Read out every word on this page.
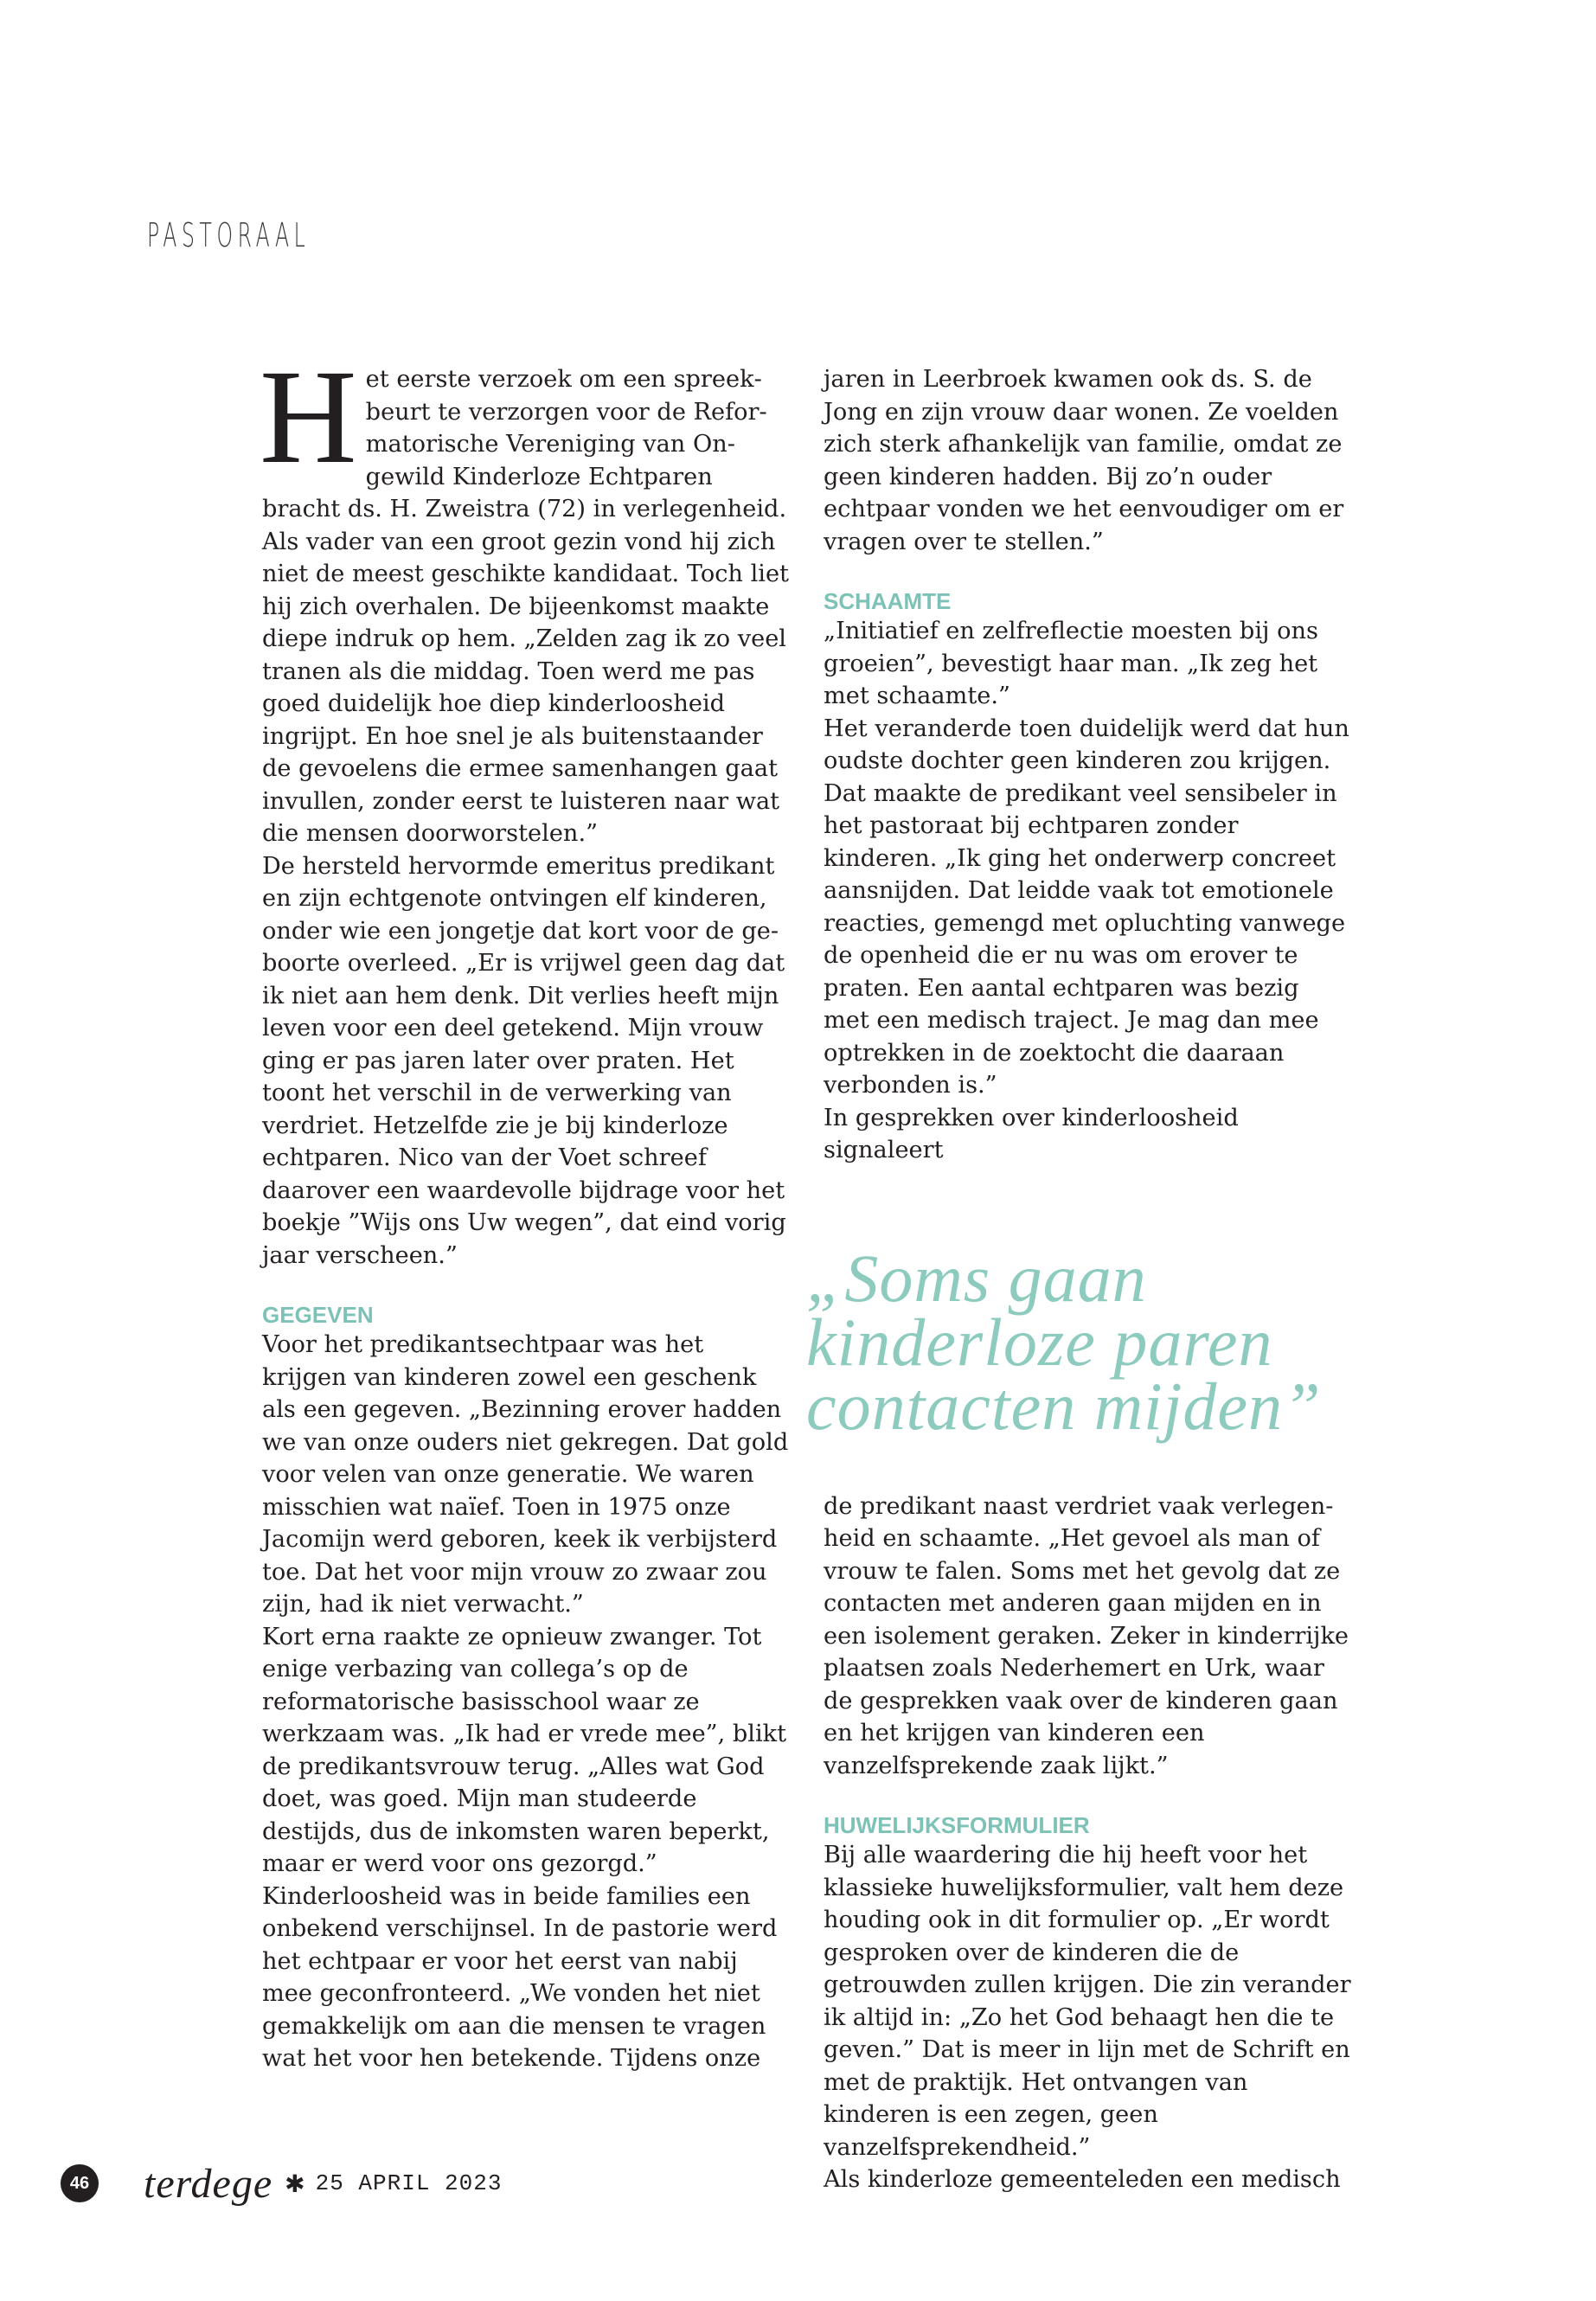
PASTORAAL

Het eerste verzoek om een spreekbeurt te verzorgen voor de Reformatorische Vereniging van Ongewild Kinderloze Echtparen bracht ds. H. Zweistra (72) in verlegenheid. Als vader van een groot gezin vond hij zich niet de meest geschikte kandidaat. Toch liet hij zich overhalen. De bijeenkomst maakte diepe indruk op hem. „Zelden zag ik zo veel tranen als die middag. Toen werd me pas goed duidelijk hoe diep kinderloosheid ingrijpt. En hoe snel je als buitenstaander de gevoelens die ermee samenhangen gaat invullen, zonder eerst te luisteren naar wat die mensen doorworstelen.”

De hersteld hervormde emeritus predikant en zijn echtgenote ontvingen elf kinderen, onder wie een jongetje dat kort voor de geboorte overleed. „Er is vrijwel geen dag dat ik niet aan hem denk. Dit verlies heeft mijn leven voor een deel getekend. Mijn vrouw ging er pas jaren later over praten. Het toont het verschil in de verwerking van verdriet. Hetzelfde zie je bij kinderloze echtparen. Nico van der Voet schreef daarover een waardevolle bijdrage voor het boekje ”Wijs ons Uw wegen”, dat eind vorig jaar verscheen.”

GEGEVEN

Voor het predikantsechtpaar was het krijgen van kinderen zowel een geschenk als een gegeven. „Bezinning erover hadden we van onze ouders niet gekregen. Dat gold voor velen van onze generatie. We waren misschien wat naïef. Toen in 1975 onze Jacomijn werd geboren, keek ik verbijsterd toe. Dat het voor mijn vrouw zo zwaar zou zijn, had ik niet verwacht.”

Kort erna raakte ze opnieuw zwanger. Tot enige verbazing van collega’s op de reformatorische basisschool waar ze werkzaam was. „Ik had er vrede mee”, blikt de predikantsvrouw terug. „Alles wat God doet, was goed. Mijn man studeerde destijds, dus de inkomsten waren beperkt, maar er werd voor ons gezorgd.”

Kinderloosheid was in beide families een onbekend verschijnsel. In de pastorie werd het echtpaar er voor het eerst van nabij mee geconfronteerd. „We vonden het niet gemakkelijk om aan die mensen te vragen wat het voor hen betekende. Tijdens onze

jaren in Leerbroek kwamen ook ds. S. de Jong en zijn vrouw daar wonen. Ze voelden zich sterk afhankelijk van familie, omdat ze geen kinderen hadden. Bij zo’n ouder echtpaar vonden we het eenvoudiger om er vragen over te stellen.”

SCHAAMTE

„Initiatief en zelfreflectie moesten bij ons groeien”, bevestigt haar man. „Ik zeg het met schaamte.”

Het veranderde toen duidelijk werd dat hun oudste dochter geen kinderen zou krijgen. Dat maakte de predikant veel sensibeler in het pastoraat bij echtparen zonder kinderen. „Ik ging het onderwerp concreet aansnijden. Dat leidde vaak tot emotionele reacties, gemengd met opluchting vanwege de openheid die er nu was om erover te praten. Een aantal echtparen was bezig met een medisch traject. Je mag dan mee optrekken in de zoektocht die daaraan verbonden is.”

In gesprekken over kinderloosheid signaleert

„Soms gaan kinderloze paren contacten mijden”

de predikant naast verdriet vaak verlegenheid en schaamte. „Het gevoel als man of vrouw te falen. Soms met het gevolg dat ze contacten met anderen gaan mijden en in een isolement geraken. Zeker in kinderrijke plaatsen zoals Nederhemert en Urk, waar de gesprekken vaak over de kinderen gaan en het krijgen van kinderen een vanzelfsprekende zaak lijkt.”

HUWELIJKSFORMULIER

Bij alle waardering die hij heeft voor het klassieke huwelijksformulier, valt hem deze houding ook in dit formulier op. „Er wordt gesproken over de kinderen die de getrouwden zullen krijgen. Die zin verander ik altijd in: „Zo het God behaagt hen die te geven.” Dat is meer in lijn met de Schrift en met de praktijk. Het ontvangen van kinderen is een zegen, geen vanzelfsprekendheid.”

Als kinderloze gemeenteleden een medisch

46 terdege ✱ 25 APRIL 2023
